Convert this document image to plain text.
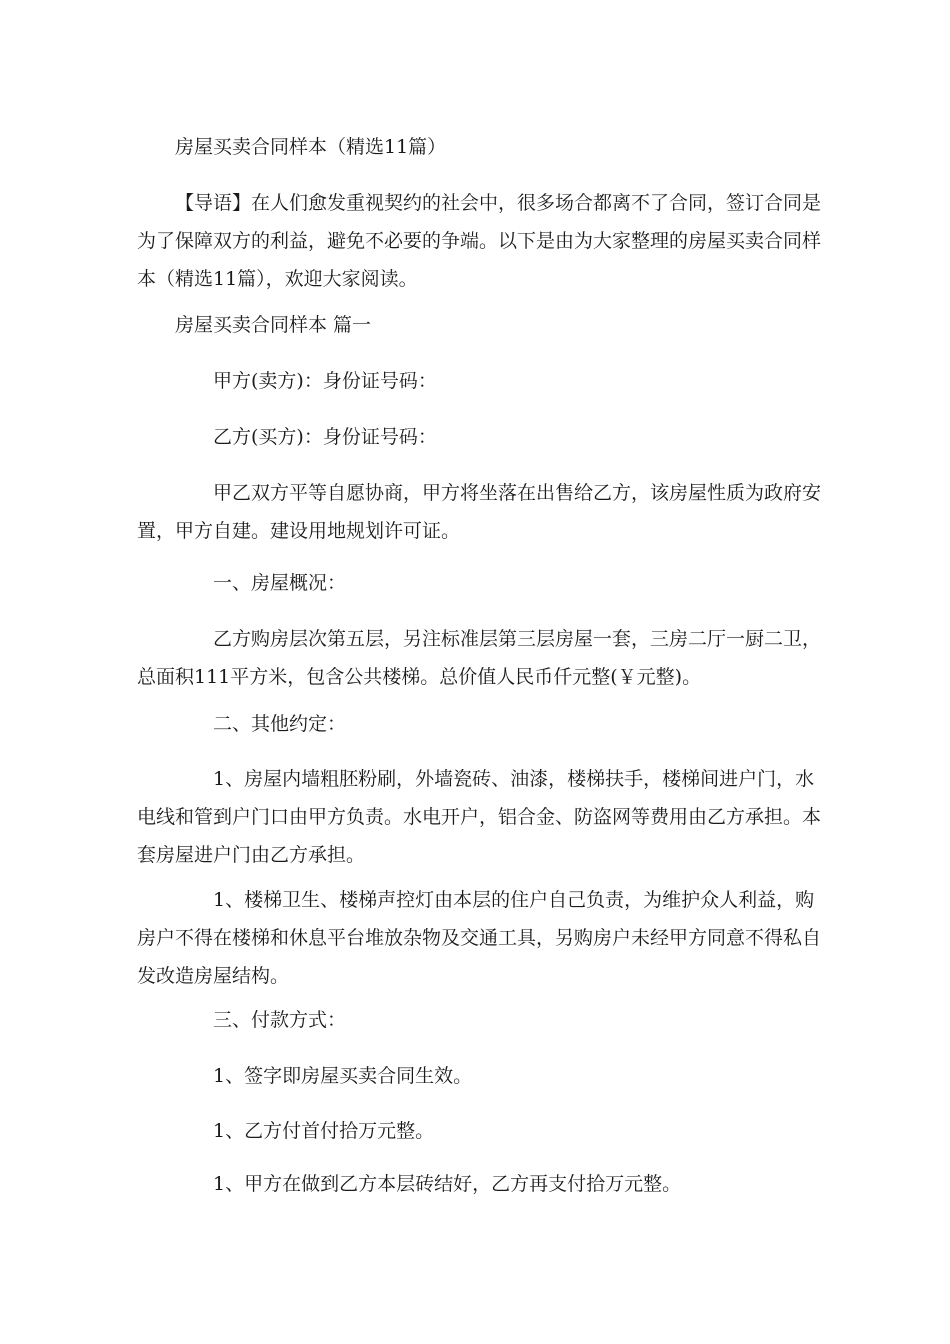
房屋买卖合同样本（精选11篇）

【导语】在人们愈发重视契约的社会中，很多场合都离不了合同，签订合同是为了保障双方的利益，避免不必要的争端。以下是由为大家整理的房屋买卖合同样本（精选11篇），欢迎大家阅读。

房屋买卖合同样本 篇一

甲方(卖方)：身份证号码：

乙方(买方)：身份证号码：

甲乙双方平等自愿协商，甲方将坐落在出售给乙方，该房屋性质为政府安置，甲方自建。建设用地规划许可证。

一、房屋概况：

乙方购房层次第五层，另注标准层第三层房屋一套，三房二厅一厨二卫，总面积111平方米，包含公共楼梯。总价值人民币仟元整(￥元整)。

二、其他约定：

1、房屋内墙粗胚粉刷，外墙瓷砖、油漆，楼梯扶手，楼梯间进户门，水电线和管到户门口由甲方负责。水电开户，铝合金、防盗网等费用由乙方承担。本套房屋进户门由乙方承担。

1、楼梯卫生、楼梯声控灯由本层的住户自己负责，为维护众人利益，购房户不得在楼梯和休息平台堆放杂物及交通工具，另购房户未经甲方同意不得私自发改造房屋结构。

三、付款方式：

1、签字即房屋买卖合同生效。

1、乙方付首付拾万元整。

1、甲方在做到乙方本层砖结好，乙方再支付拾万元整。
